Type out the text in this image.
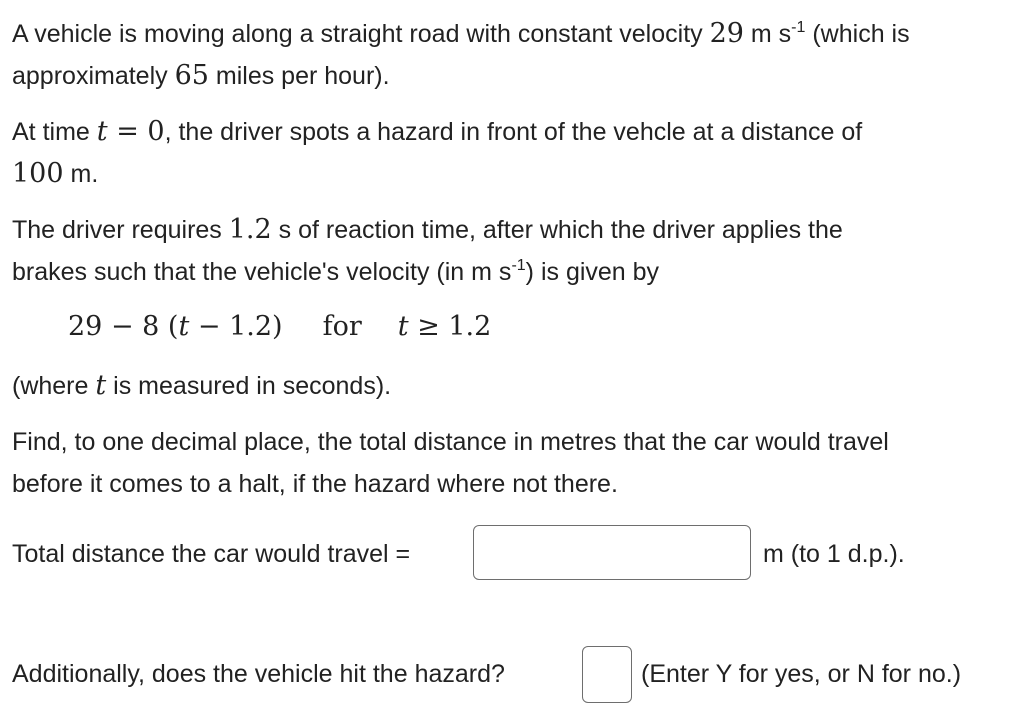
A vehicle is moving along a straight road with constant velocity 29 m $s^{-1}$ (which is
approximately 65 miles per hour).
At time t = 0, the driver spots a hazard in front of the vehcle at a distance of
100 m.
The driver requires 1.2 s of reaction time, after which the driver applies the
brakes such that the vehicle's velocity (in m $s^{-1}$) is given by
29 − 8 (t − 1.2) for t ≥ 1.2
(where t is measured in seconds).
Find, to one decimal place, the total distance in metres that the car would travel
before it comes to a halt, if the hazard where not there.
Total distance the car would travel =	m (to 1 d.p.).
Additionally, does the vehicle hit the hazard?	(Enter Y for yes, or N for no.)
